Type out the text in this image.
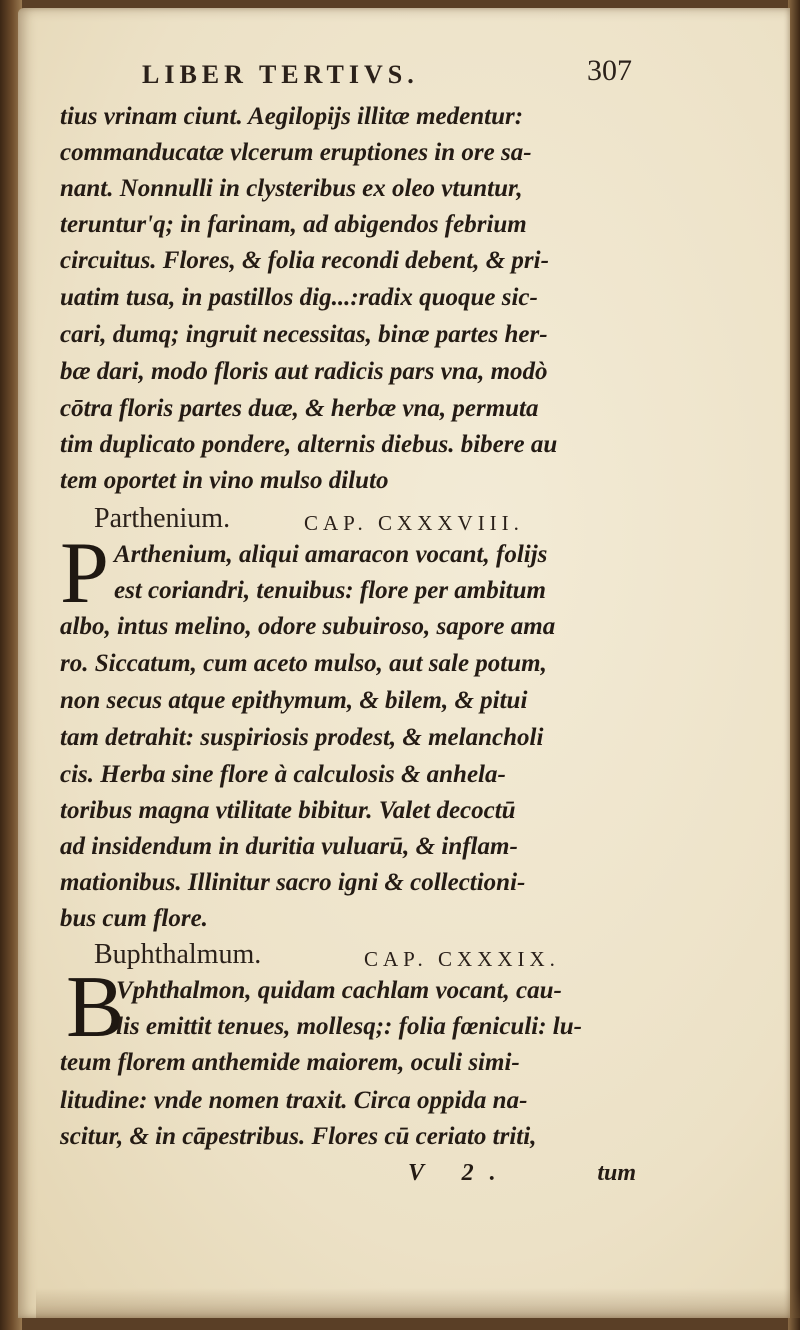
LIBER TERTIVS.	307
tius vrinam ciunt. Aegilopijs illitæ medentur:
commanducatæ vlcerum eruptiones in ore sa-
nant. Nonnulli in clysteribus ex oleo vtuntur,
teruntur'q; in farinam, ad abigendos febrium
circuitus. Flores, & folia recondi debent, & pri-
uatim tusa, in pastillos dig...:radix quoque sic-
cari, dumq; ingruit necessitas, binæ partes her-
bæ dari, modo floris aut radicis pars vna, modò
cōtra floris partes duæ, & herbæ vna, permuta
tim duplicato pondere, alternis diebus. bibere au
tem oportet in vino mulso diluto
Parthenium.	CAP. CXXXVIII.
P Arthenium, aliqui amaracon vocant, folijs
est coriandri, tenuibus: flore per ambitum
albo, intus melino, odore subuiroso, sapore ama
ro. Siccatum, cum aceto mulso, aut sale potum,
non secus atque epithymum, & bilem, & pitui
tam detrahit: suspiriosis prodest, & melancholi
cis. Herba sine flore à calculosis & anhela-
toribus magna vtilitate bibitur. Valet decoctū
ad insidendum in duritia vuluarū, & inflam-
mationibus. Illinitur sacro igni & collectioni-
bus cum flore.
Buphthalmum.	CAP. CXXXIX.
B
Vphthalmon, quidam cachlam vocant, cau-
lis emittit tenues, mollesq;: folia fœniculi: lu-
teum florem anthemide maiorem, oculi simi-
litudine: vnde nomen traxit. Circa oppida na-
scitur, & in cāpestribus. Flores cū ceriato triti,
V 2.	tum
